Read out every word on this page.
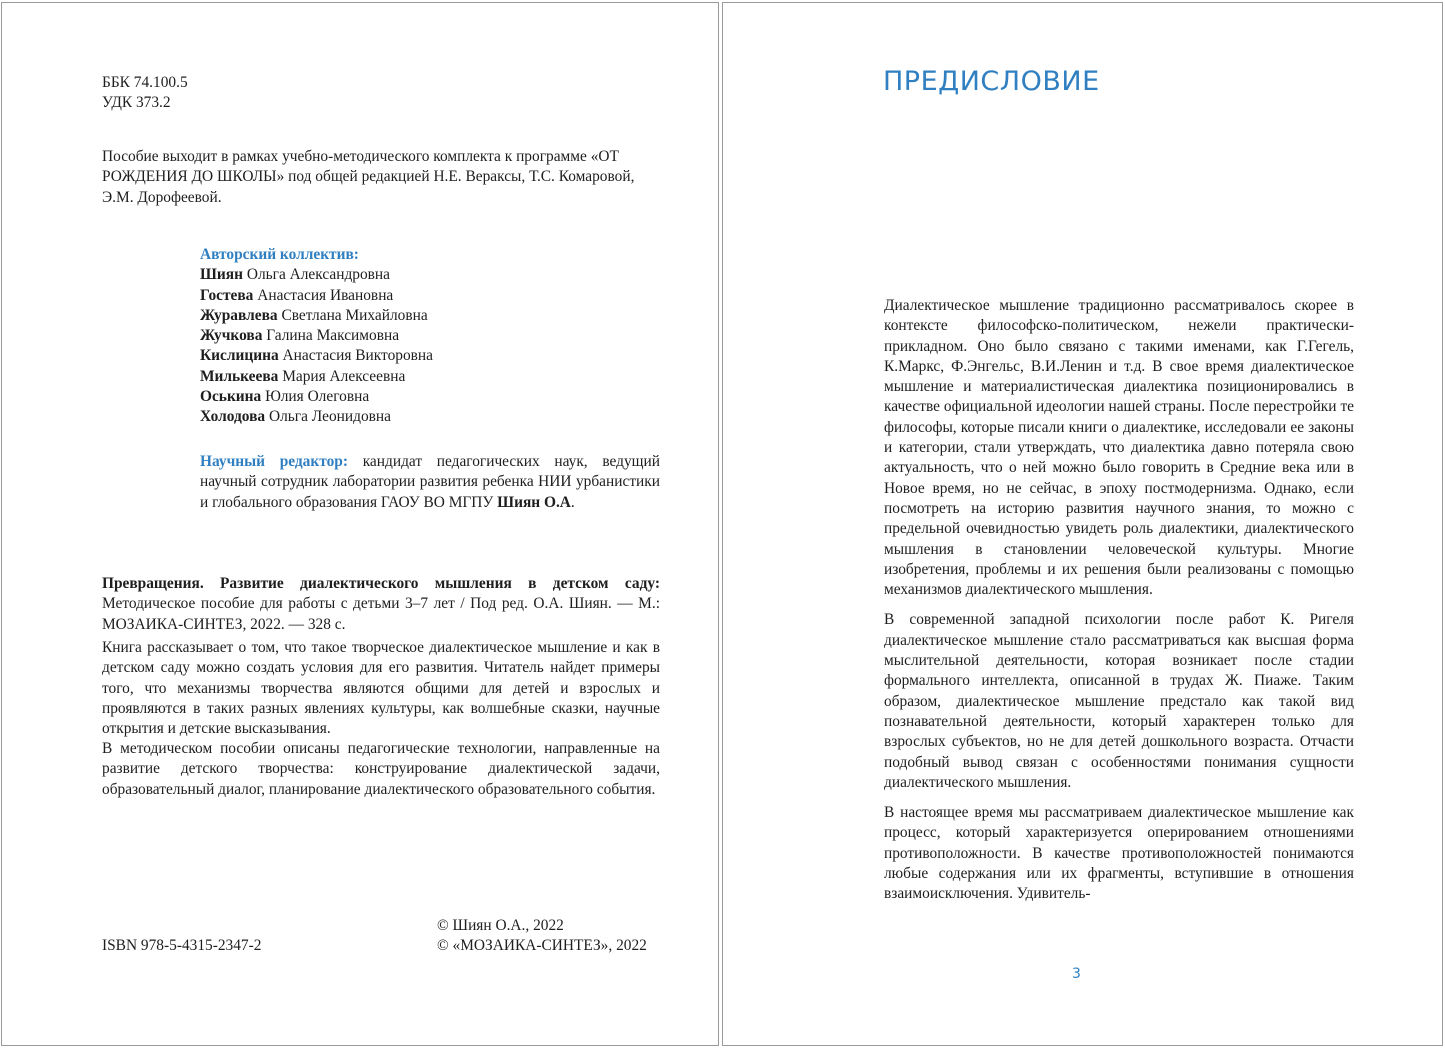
ББК 74.100.5
УДК 373.2

Пособие выходит в рамках учебно-методического комплекта к программе «ОТ РОЖДЕНИЯ ДО ШКОЛЫ» под общей редакцией Н.Е. Вераксы, Т.С. Комаровой, Э.М. Дорофеевой.

Авторский коллектив:
Шиян Ольга Александровна
Гостева Анастасия Ивановна
Журавлева Светлана Михайловна
Жучкова Галина Максимовна
Кислицина Анастасия Викторовна
Милькеева Мария Алексеевна
Оськина Юлия Олеговна
Холодова Ольга Леонидовна

Научный редактор: кандидат педагогических наук, ведущий научный сотрудник лаборатории развития ребенка НИИ урбанистики и глобального образования ГАОУ ВО МГПУ Шиян О.А.

Превращения. Развитие диалектического мышления в детском саду: Методическое пособие для работы с детьми 3–7 лет / Под ред. О.А. Шиян. — М.: МОЗАИКА-СИНТЕЗ, 2022. — 328 с.

Книга рассказывает о том, что такое творческое диалектическое мышление и как в детском саду можно создать условия для его развития. Читатель найдет примеры того, что механизмы творчества являются общими для детей и взрослых и проявляются в таких разных явлениях культуры, как волшебные сказки, научные открытия и детские высказывания.

В методическом пособии описаны педагогические технологии, направленные на развитие детского творчества: конструирование диалектической задачи, образовательный диалог, планирование диалектического образовательного события.

ISBN 978-5-4315-2347-2
© Шиян О.А., 2022
© «МОЗАИКА-СИНТЕЗ», 2022
ПРЕДИСЛОВИЕ

Диалектическое мышление традиционно рассматривалось скорее в контексте философско-политическом, нежели практически-прикладном. Оно было связано с такими именами, как Г.Гегель, К.Маркс, Ф.Энгельс, В.И.Ленин и т.д. В свое время диалектическое мышление и материалистическая диалектика позиционировались в качестве официальной идеологии нашей страны. После перестройки те философы, которые писали книги о диалектике, исследовали ее законы и категории, стали утверждать, что диалектика давно потеряла свою актуальность, что о ней можно было говорить в Средние века или в Новое время, но не сейчас, в эпоху постмодернизма. Однако, если посмотреть на историю развития научного знания, то можно с предельной очевидностью увидеть роль диалектики, диалектического мышления в становлении человеческой культуры. Многие изобретения, проблемы и их решения были реализованы с помощью механизмов диалектического мышления.

В современной западной психологии после работ К. Ригеля диалектическое мышление стало рассматриваться как высшая форма мыслительной деятельности, которая возникает после стадии формального интеллекта, описанной в трудах Ж. Пиаже. Таким образом, диалектическое мышление предстало как такой вид познавательной деятельности, который характерен только для взрослых субъектов, но не для детей дошкольного возраста. Отчасти подобный вывод связан с особенностями понимания сущности диалектического мышления.

В настоящее время мы рассматриваем диалектическое мышление как процесс, который характеризуется оперированием отношениями противоположности. В качестве противоположностей понимаются любые содержания или их фрагменты, вступившие в отношения взаимоисключения. Удивитель-

3
